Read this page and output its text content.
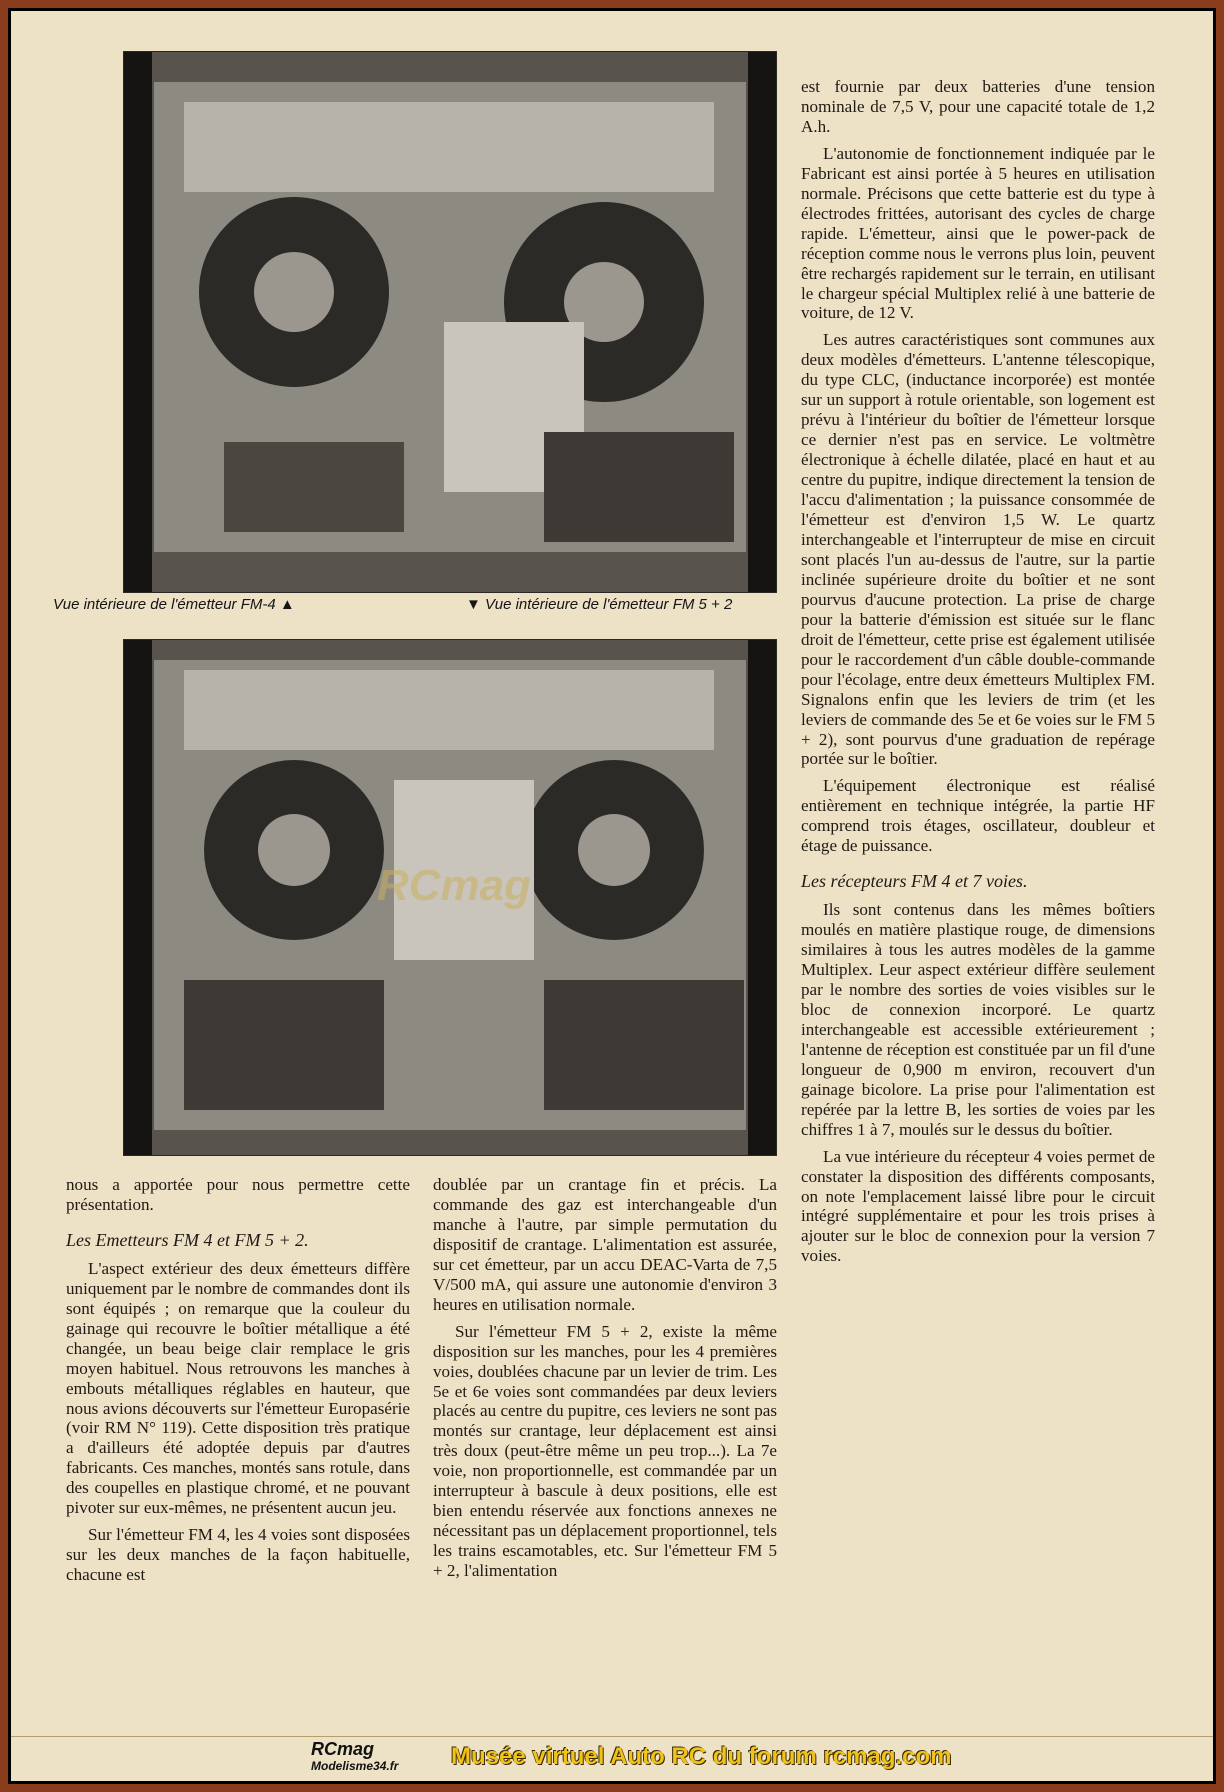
Vue intérieure de l'émetteur FM-4 ▲	▼ Vue intérieure de l'émetteur FM 5 + 2
RCmag

est fournie par deux batteries d'une tension nominale de 7,5 V, pour une capacité totale de 1,2 A.h.

L'autonomie de fonctionnement indiquée par le Fabricant est ainsi portée à 5 heures en utilisation normale. Précisons que cette batterie est du type à électrodes frittées, autorisant des cycles de charge rapide. L'émetteur, ainsi que le power-pack de réception comme nous le verrons plus loin, peuvent être rechargés rapidement sur le terrain, en utilisant le chargeur spécial Multiplex relié à une batterie de voiture, de 12 V.

Les autres caractéristiques sont communes aux deux modèles d'émetteurs. L'antenne télescopique, du type CLC, (inductance incorporée) est montée sur un support à rotule orientable, son logement est prévu à l'intérieur du boîtier de l'émetteur lorsque ce dernier n'est pas en service. Le voltmètre électronique à échelle dilatée, placé en haut et au centre du pupitre, indique directement la tension de l'accu d'alimentation ; la puissance consommée de l'émetteur est d'environ 1,5 W. Le quartz interchangeable et l'interrupteur de mise en circuit sont placés l'un au-dessus de l'autre, sur la partie inclinée supérieure droite du boîtier et ne sont pourvus d'aucune protection. La prise de charge pour la batterie d'émission est située sur le flanc droit de l'émetteur, cette prise est également utilisée pour le raccordement d'un câble double-commande pour l'écolage, entre deux émetteurs Multiplex FM. Signalons enfin que les leviers de trim (et les leviers de commande des 5e et 6e voies sur le FM 5 + 2), sont pourvus d'une graduation de repérage portée sur le boîtier.

L'équipement électronique est réalisé entièrement en technique intégrée, la partie HF comprend trois étages, oscillateur, doubleur et étage de puissance.

Les récepteurs FM 4 et 7 voies.

Ils sont contenus dans les mêmes boîtiers moulés en matière plastique rouge, de dimensions similaires à tous les autres modèles de la gamme Multiplex. Leur aspect extérieur diffère seulement par le nombre des sorties de voies visibles sur le bloc de connexion incorporé. Le quartz interchangeable est accessible extérieurement ; l'antenne de réception est constituée par un fil d'une longueur de 0,900 m environ, recouvert d'un gainage bicolore. La prise pour l'alimentation est repérée par la lettre B, les sorties de voies par les chiffres 1 à 7, moulés sur le dessus du boîtier.

La vue intérieure du récepteur 4 voies permet de constater la disposition des différents composants, on note l'emplacement laissé libre pour le circuit intégré supplémentaire et pour les trois prises à ajouter sur le bloc de connexion pour la version 7 voies.

nous a apportée pour nous permettre cette présentation.

Les Emetteurs FM 4 et FM 5 + 2.

L'aspect extérieur des deux émetteurs diffère uniquement par le nombre de commandes dont ils sont équipés ; on remarque que la couleur du gainage qui recouvre le boîtier métallique a été changée, un beau beige clair remplace le gris moyen habituel. Nous retrouvons les manches à embouts métalliques réglables en hauteur, que nous avions découverts sur l'émetteur Europasérie (voir RM N° 119). Cette disposition très pratique a d'ailleurs été adoptée depuis par d'autres fabricants. Ces manches, montés sans rotule, dans des coupelles en plastique chromé, et ne pouvant pivoter sur eux-mêmes, ne présentent aucun jeu.

Sur l'émetteur FM 4, les 4 voies sont disposées sur les deux manches de la façon habituelle, chacune est

doublée par un crantage fin et précis. La commande des gaz est interchangeable d'un manche à l'autre, par simple permutation du dispositif de crantage. L'alimentation est assurée, sur cet émetteur, par un accu DEAC-Varta de 7,5 V/500 mA, qui assure une autonomie d'environ 3 heures en utilisation normale.

Sur l'émetteur FM 5 + 2, existe la même disposition sur les manches, pour les 4 premières voies, doublées chacune par un levier de trim. Les 5e et 6e voies sont commandées par deux leviers placés au centre du pupitre, ces leviers ne sont pas montés sur crantage, leur déplacement est ainsi très doux (peut-être même un peu trop...). La 7e voie, non proportionnelle, est commandée par un interrupteur à bascule à deux positions, elle est bien entendu réservée aux fonctions annexes ne nécessitant pas un déplacement proportionnel, tels les trains escamotables, etc. Sur l'émetteur FM 5 + 2, l'alimentation

RCmag
Modelisme34.fr	Musée virtuel Auto RC du forum rcmag.com
